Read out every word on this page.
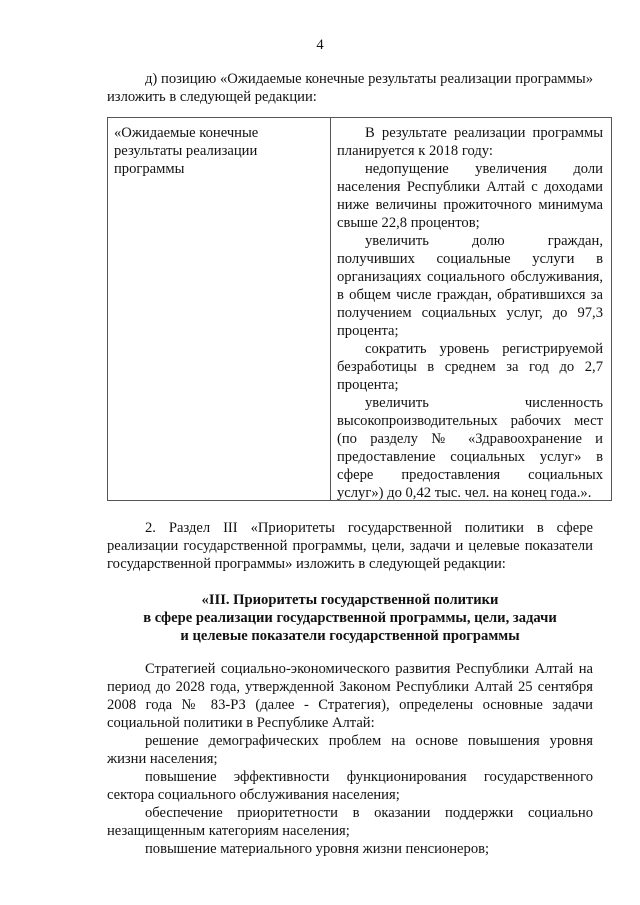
4

д) позицию «Ожидаемые конечные результаты реализации программы» изложить в следующей редакции:

«Ожидаемые конечные результаты реализации программы

В результате реализации программы планируется к 2018 году:

недопущение увеличения доли населения Республики Алтай с доходами ниже величины прожиточного минимума свыше 22,8 процентов;

увеличить долю граждан, получивших социальные услуги в организациях социального обслуживания, в общем числе граждан, обратившихся за получением социальных услуг, до 97,3 процента;

сократить уровень регистрируемой безработицы в среднем за год до 2,7 процента;

увеличить численность высокопроизводительных рабочих мест (по разделу № «Здравоохранение и предоставление социальных услуг» в сфере предоставления социальных услуг») до 0,42 тыс. чел. на конец года.».

2. Раздел III «Приоритеты государственной политики в сфере реализации государственной программы, цели, задачи и целевые показатели государственной программы» изложить в следующей редакции:

«III. Приоритеты государственной политики
в сфере реализации государственной программы, цели, задачи
и целевые показатели государственной программы

Стратегией социально-экономического развития Республики Алтай на период до 2028 года, утвержденной Законом Республики Алтай 25 сентября 2008 года № 83-РЗ (далее - Стратегия), определены основные задачи социальной политики в Республике Алтай:

решение демографических проблем на основе повышения уровня жизни населения;

повышение эффективности функционирования государственного сектора социального обслуживания населения;

обеспечение приоритетности в оказании поддержки социально незащищенным категориям населения;

повышение материального уровня жизни пенсионеров;
